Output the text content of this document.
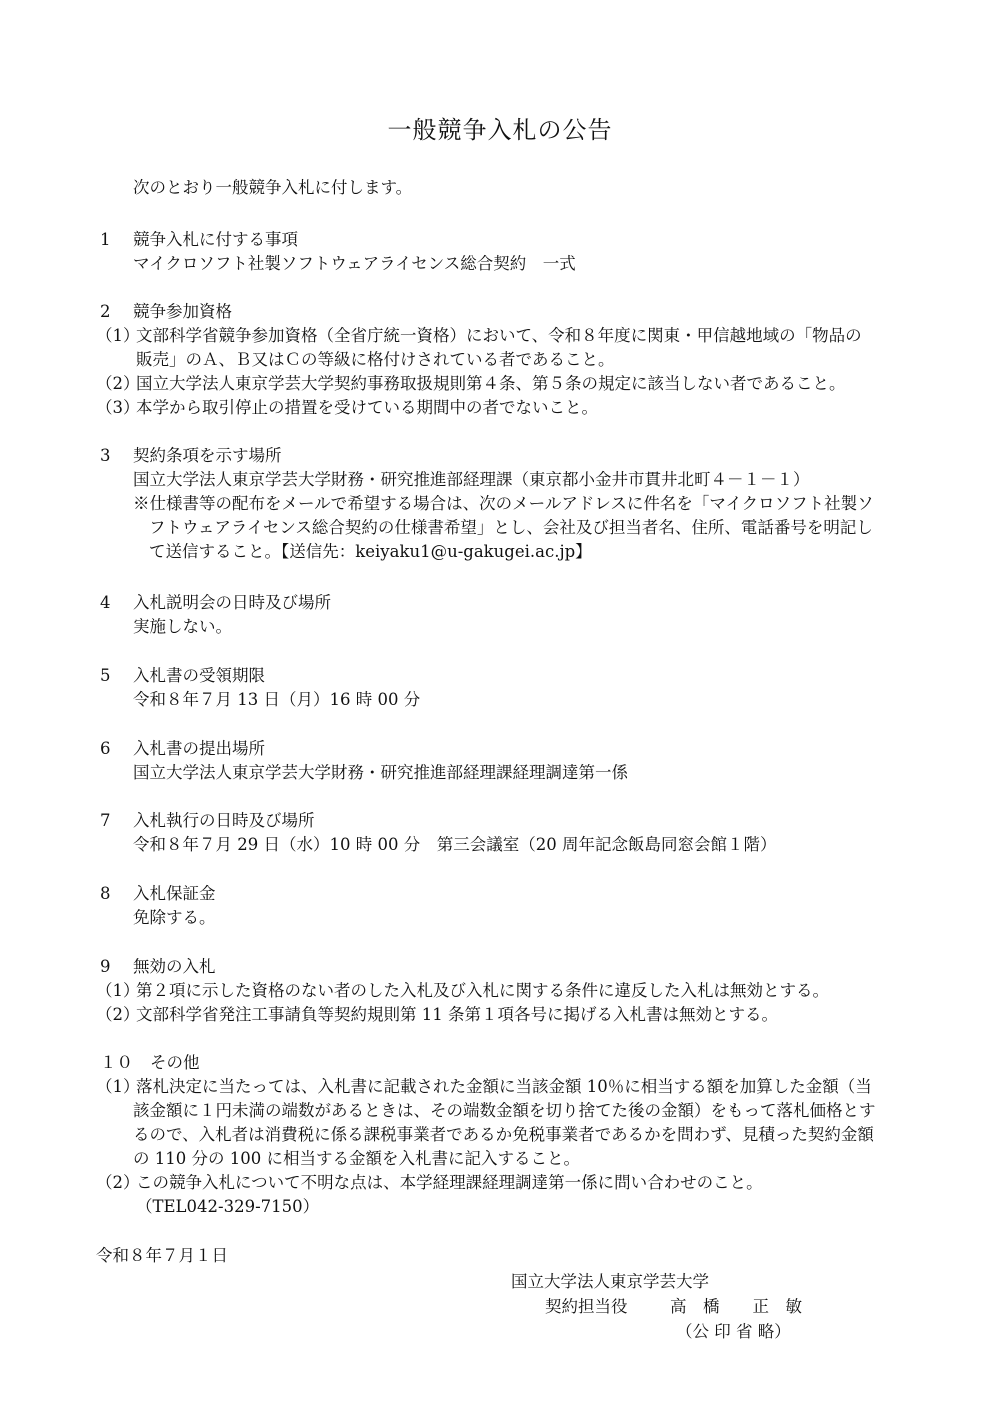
一般競争入札の公告
次のとおり一般競争入札に付します。
1 競争入札に付する事項
マイクロソフト社製ソフトウェアライセンス総合契約　一式
2 競争参加資格
（1）
文部科学省競争参加資格（全省庁統一資格）において、令和８年度に関東・甲信越地域の「物品の
販売」のＡ、Ｂ又はＣの等級に格付けされている者であること。
（2）
国立大学法人東京学芸大学契約事務取扱規則第４条、第５条の規定に該当しない者であること。
（3）
本学から取引停止の措置を受けている期間中の者でないこと。
3 契約条項を示す場所
国立大学法人東京学芸大学財務・研究推進部経理課（東京都小金井市貫井北町４－１－１）
※仕様書等の配布をメールで希望する場合は、次のメールアドレスに件名を「マイクロソフト社製ソ
フトウェアライセンス総合契約の仕様書希望」とし、会社及び担当者名、住所、電話番号を明記し
て送信すること。【送信先：keiyaku1@u-gakugei.ac.jp】
4 入札説明会の日時及び場所
実施しない。
5 入札書の受領期限
令和８年７月 13 日（月）16 時 00 分
6 入札書の提出場所
国立大学法人東京学芸大学財務・研究推進部経理課経理調達第一係
7 入札執行の日時及び場所
令和８年７月 29 日（水）10 時 00 分　第三会議室（20 周年記念飯島同窓会館１階）
8 入札保証金
免除する。
9 無効の入札
（1）
第２項に示した資格のない者のした入札及び入札に関する条件に違反した入札は無効とする。
（2）
文部科学省発注工事請負等契約規則第 11 条第１項各号に掲げる入札書は無効とする。
１０ その他
（1）
落札決定に当たっては、入札書に記載された金額に当該金額 10％に相当する額を加算した金額（当
該金額に１円未満の端数があるときは、その端数金額を切り捨てた後の金額）をもって落札価格とす
るので、入札者は消費税に係る課税事業者であるか免税事業者であるかを問わず、見積った契約金額
の 110 分の 100 に相当する金額を入札書に記入すること。
（2）
この競争入札について不明な点は、本学経理課経理調達第一係に問い合わせのこと。
（TEL042-329-7150）
令和８年７月１日
国立大学法人東京学芸大学
契約担当役	高　橋　　正　敏
（公 印 省 略）
